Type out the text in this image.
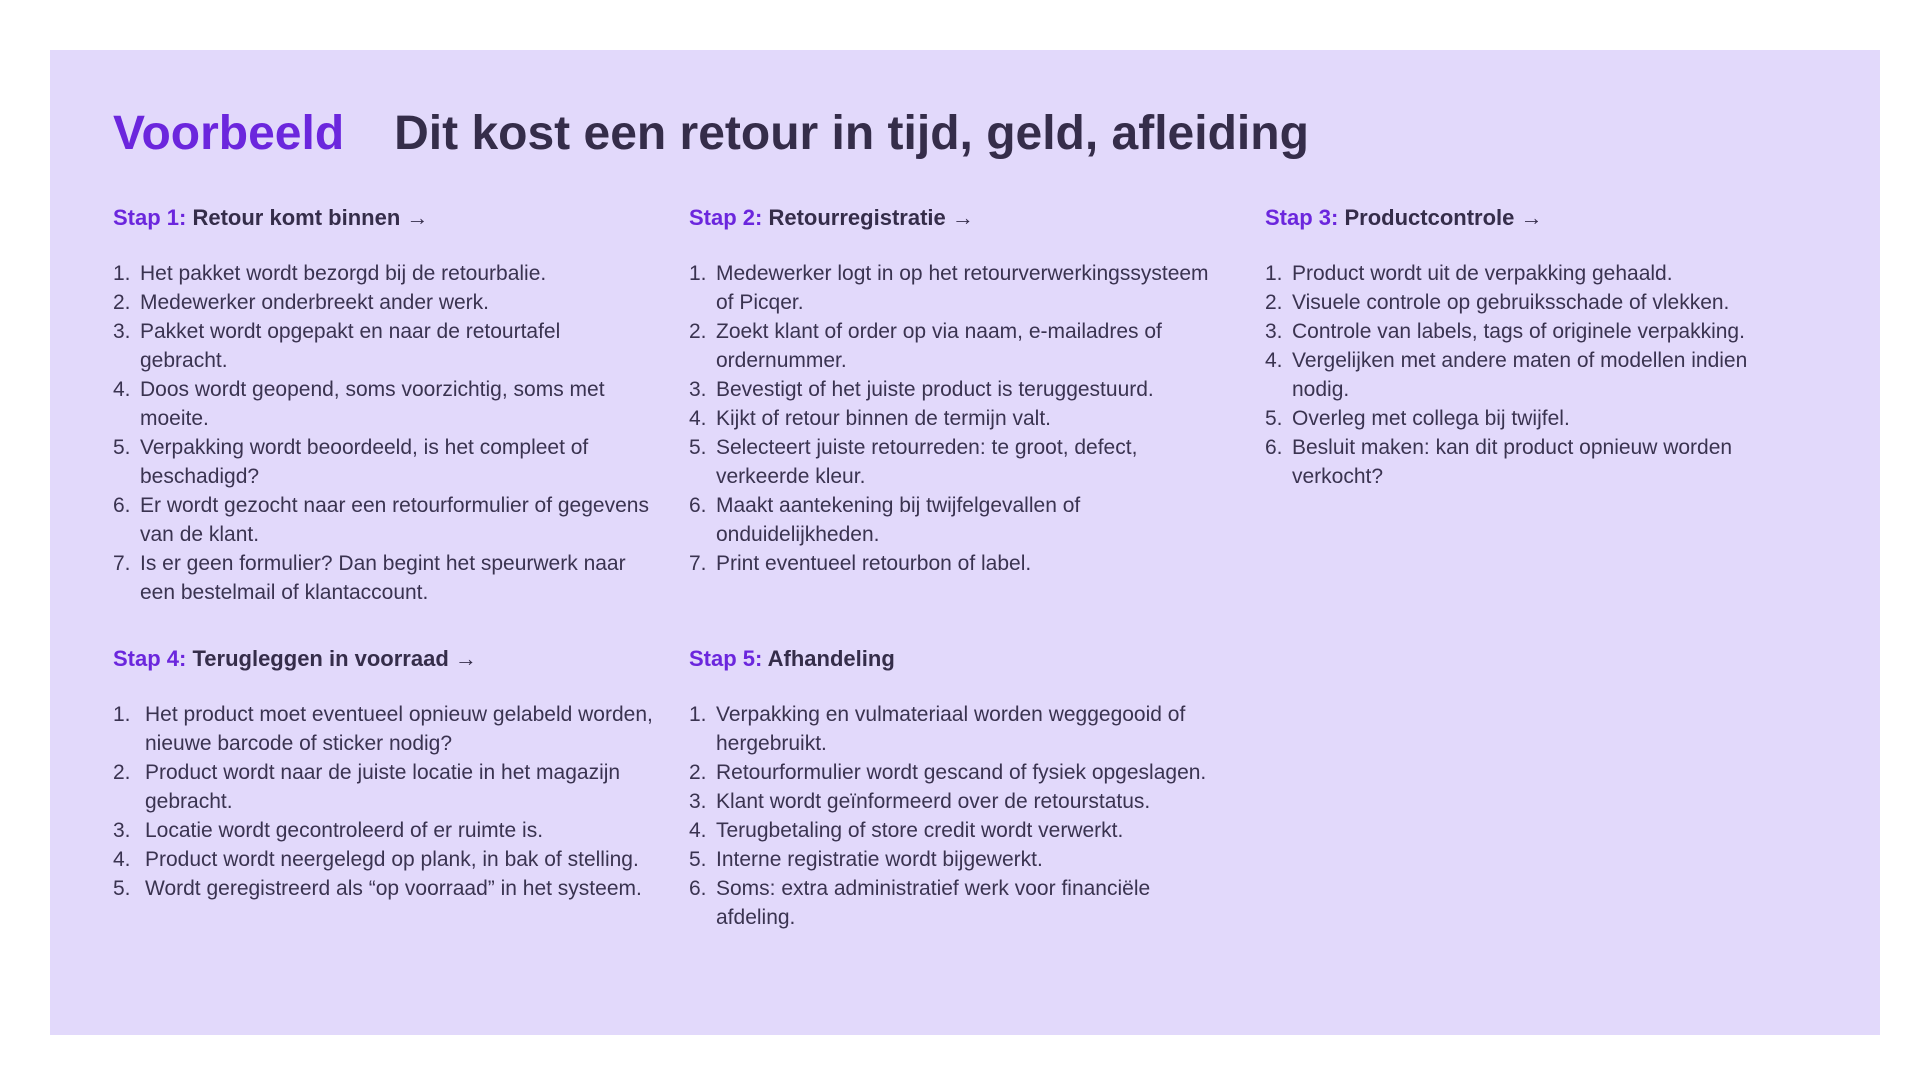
Voorbeeld Dit kost een retour in tijd, geld, afleiding
Stap 1: Retour komt binnen →
1. Het pakket wordt bezorgd bij de retourbalie.
2. Medewerker onderbreekt ander werk.
3. Pakket wordt opgepakt en naar de retourtafel gebracht.
4. Doos wordt geopend, soms voorzichtig, soms met moeite.
5. Verpakking wordt beoordeeld, is het compleet of beschadigd?
6. Er wordt gezocht naar een retourformulier of gegevens van de klant.
7. Is er geen formulier? Dan begint het speurwerk naar een bestelmail of klantaccount.
Stap 2: Retourregistratie →
1. Medewerker logt in op het retourverwerkingssysteem of Picqer.
2. Zoekt klant of order op via naam, e-mailadres of ordernummer.
3. Bevestigt of het juiste product is teruggestuurd.
4. Kijkt of retour binnen de termijn valt.
5. Selecteert juiste retourreden: te groot, defect, verkeerde kleur.
6. Maakt aantekening bij twijfelgevallen of onduidelijkheden.
7. Print eventueel retourbon of label.
Stap 3: Productcontrole →
1. Product wordt uit de verpakking gehaald.
2. Visuele controle op gebruiksschade of vlekken.
3. Controle van labels, tags of originele verpakking.
4. Vergelijken met andere maten of modellen indien nodig.
5. Overleg met collega bij twijfel.
6. Besluit maken: kan dit product opnieuw worden verkocht?
Stap 4: Terugleggen in voorraad →
1. Het product moet eventueel opnieuw gelabeld worden, nieuwe barcode of sticker nodig?
2. Product wordt naar de juiste locatie in het magazijn gebracht.
3. Locatie wordt gecontroleerd of er ruimte is.
4. Product wordt neergelegd op plank, in bak of stelling.
5. Wordt geregistreerd als “op voorraad” in het systeem.
Stap 5: Afhandeling
1. Verpakking en vulmateriaal worden weggegooid of hergebruikt.
2. Retourformulier wordt gescand of fysiek opgeslagen.
3. Klant wordt geïnformeerd over de retourstatus.
4. Terugbetaling of store credit wordt verwerkt.
5. Interne registratie wordt bijgewerkt.
6. Soms: extra administratief werk voor financiële afdeling.
